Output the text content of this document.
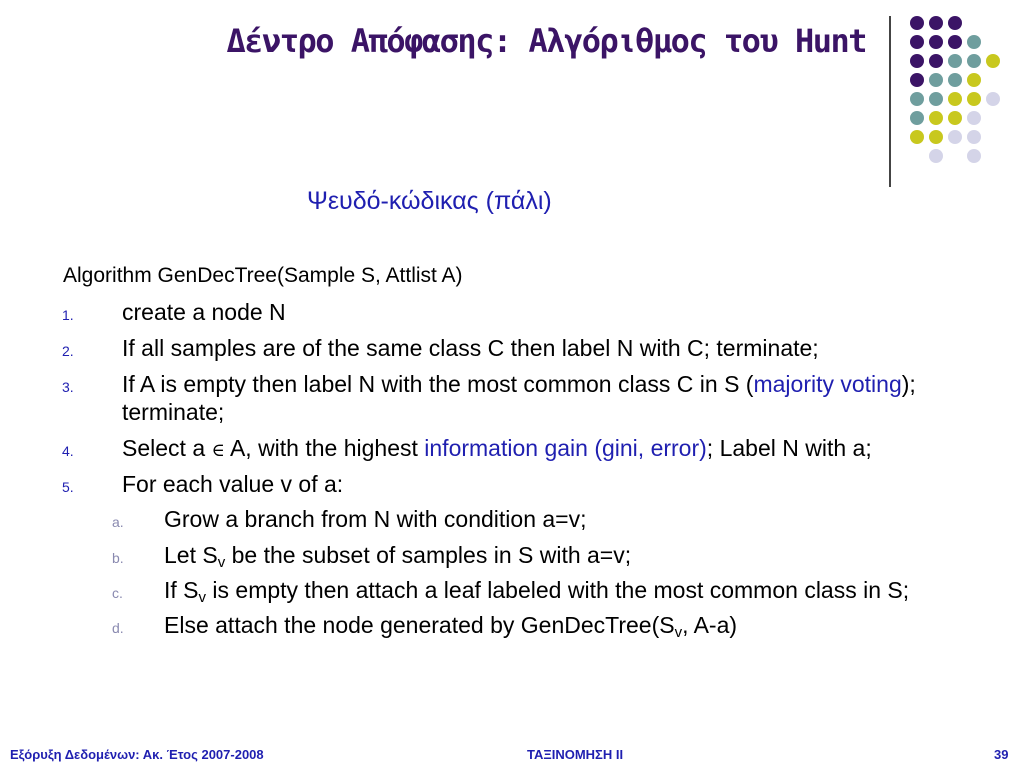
Δέντρο Απόφασης: Αλγόριθμος του Hunt
Ψευδό-κώδικας (πάλι)
Algorithm GenDecTree(Sample S, Attlist A)
1. create a node N
2. If all samples are of the same class C then label N with C; terminate;
3. If A is empty then label N with the most common class C in S (majority voting); terminate;
4. Select a ∈ A, with the highest information gain (gini, error); Label N with a;
5. For each value v of a:
a. Grow a branch from N with condition a=v;
b. Let $S_v$ be the subset of samples in S with a=v;
c. If $S_v$ is empty then attach a leaf labeled with the most common class in S;
d. Else attach the node generated by $GenDecTree(S_v$, A-a)
Εξόρυξη Δεδομένων: Ακ. Έτος 2007-2008	ΤΑΞΙΝΟΜΗΣΗ ΙΙ	39
